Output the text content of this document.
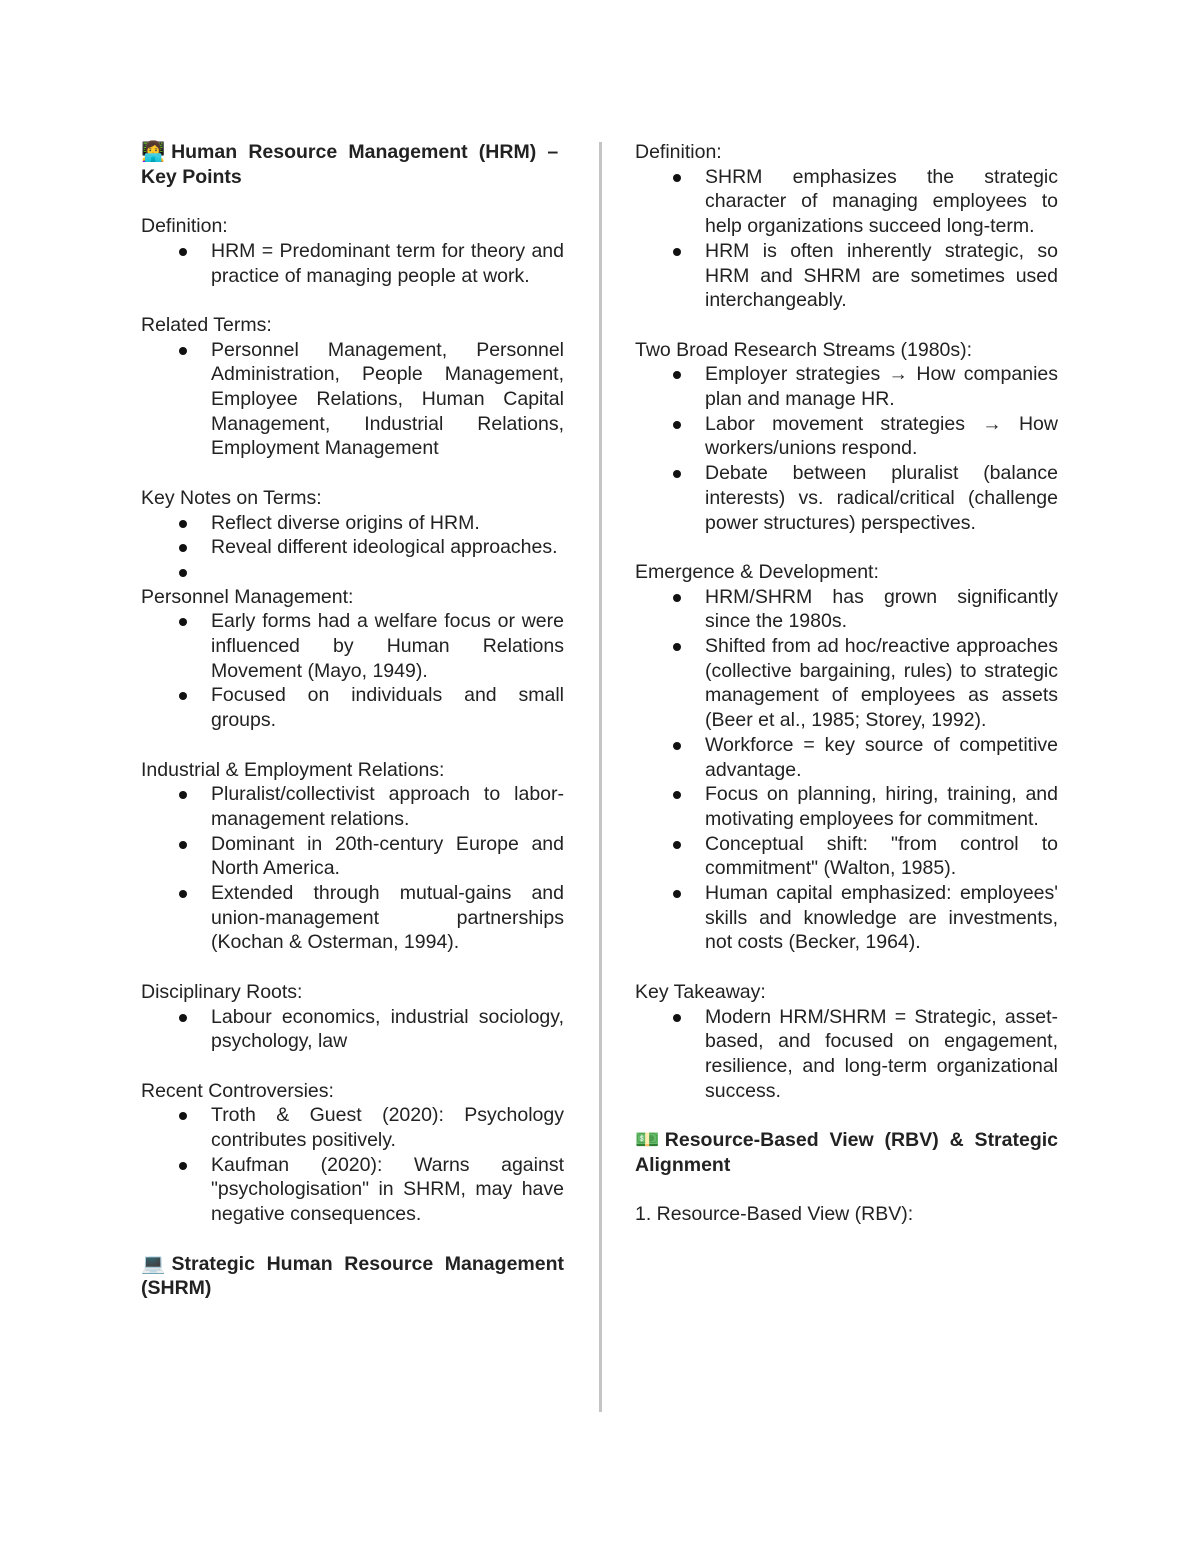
👩‍💻Human Resource Management (HRM) – Key Points

Definition:

HRM = Predominant term for theory and practice of managing people at work.

Related Terms:

Personnel Management, Personnel Administration, People Management, Employee Relations, Human Capital Management, Industrial Relations, Employment Management

Key Notes on Terms:

Reflect diverse origins of HRM.
Reveal different ideological approaches.

Personnel Management:

Early forms had a welfare focus or were influenced by Human Relations Movement (Mayo, 1949).
Focused on individuals and small groups.

Industrial & Employment Relations:

Pluralist/collectivist approach to labor-management relations.
Dominant in 20th-century Europe and North America.
Extended through mutual-gains and union-management partnerships (Kochan & Osterman, 1994).

Disciplinary Roots:

Labour economics, industrial sociology, psychology, law

Recent Controversies:

Troth & Guest (2020): Psychology contributes positively.
Kaufman (2020): Warns against "psychologisation" in SHRM, may have negative consequences.

💻Strategic Human Resource Management (SHRM)

Definition:

SHRM emphasizes the strategic character of managing employees to help organizations succeed long-term.
HRM is often inherently strategic, so HRM and SHRM are sometimes used interchangeably.

Two Broad Research Streams (1980s):

Employer strategies → How companies plan and manage HR.
Labor movement strategies → How workers/unions respond.
Debate between pluralist (balance interests) vs. radical/critical (challenge power structures) perspectives.

Emergence & Development:

HRM/SHRM has grown significantly since the 1980s.
Shifted from ad hoc/reactive approaches (collective bargaining, rules) to strategic management of employees as assets (Beer et al., 1985; Storey, 1992).
Workforce = key source of competitive advantage.
Focus on planning, hiring, training, and motivating employees for commitment.
Conceptual shift: "from control to commitment" (Walton, 1985).
Human capital emphasized: employees' skills and knowledge are investments, not costs (Becker, 1964).

Key Takeaway:

Modern HRM/SHRM = Strategic, asset-based, and focused on engagement, resilience, and long-term organizational success.

💵Resource-Based View (RBV) & Strategic Alignment

1. Resource-Based View (RBV):
